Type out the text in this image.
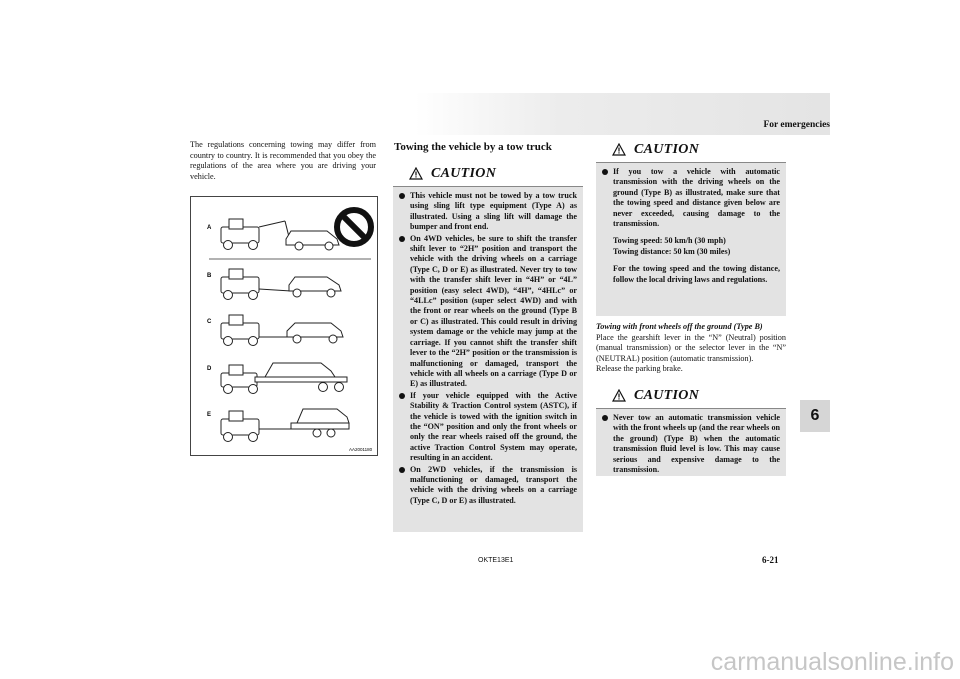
For emergencies
6
The regulations concerning towing may differ from country to country. It is recommended that you obey the regulations of the area where you are driving your vehicle.
A
B
C
D
E
AA2001180
Towing the vehicle by a tow truck
CAUTION
This vehicle must not be towed by a tow truck using sling lift type equipment (Type A) as illustrated. Using a sling lift will damage the bumper and front end.
On 4WD vehicles, be sure to shift the transfer shift lever to “2H” position and transport the vehicle with the driving wheels on a carriage (Type C, D or E) as illustrated. Never try to tow with the transfer shift lever in “4H” or “4L” position (easy select 4WD), “4H”, “4HLc” or “4LLc” position (super select 4WD) and with the front or rear wheels on the ground (Type B or C) as illustrated. This could result in driving system damage or the vehicle may jump at the carriage. If you cannot shift the transfer shift lever to the “2H” position or the transmission is malfunctioning or damaged, transport the vehicle with all wheels on a carriage (Type D or E) as illustrated.
If your vehicle equipped with the Active Stability & Traction Control system (ASTC), if the vehicle is towed with the ignition switch in the “ON” position and only the front wheels or only the rear wheels raised off the ground, the active Traction Control System may operate, resulting in an accident.
On 2WD vehicles, if the transmission is malfunctioning or damaged, transport the vehicle with the driving wheels on a carriage (Type C, D or E) as illustrated.
CAUTION
If you tow a vehicle with automatic transmission with the driving wheels on the ground (Type B) as illustrated, make sure that the towing speed and distance given below are never exceeded, causing damage to the transmission.

Towing speed: 50 km/h (30 mph)
Towing distance: 50 km (30 miles)

For the towing speed and the towing distance, follow the local driving laws and regulations.

Towing with front wheels off the ground (Type B)
Place the gearshift lever in the “N” (Neutral) position (manual transmission) or the selector lever in the “N” (NEUTRAL) position (automatic transmission).
Release the parking brake.
CAUTION
Never tow an automatic transmission vehicle with the front wheels up (and the rear wheels on the ground) (Type B) when the automatic transmission fluid level is low. This may cause serious and expensive damage to the transmission.
OKTE13E1	6-21
carmanualsonline.info
